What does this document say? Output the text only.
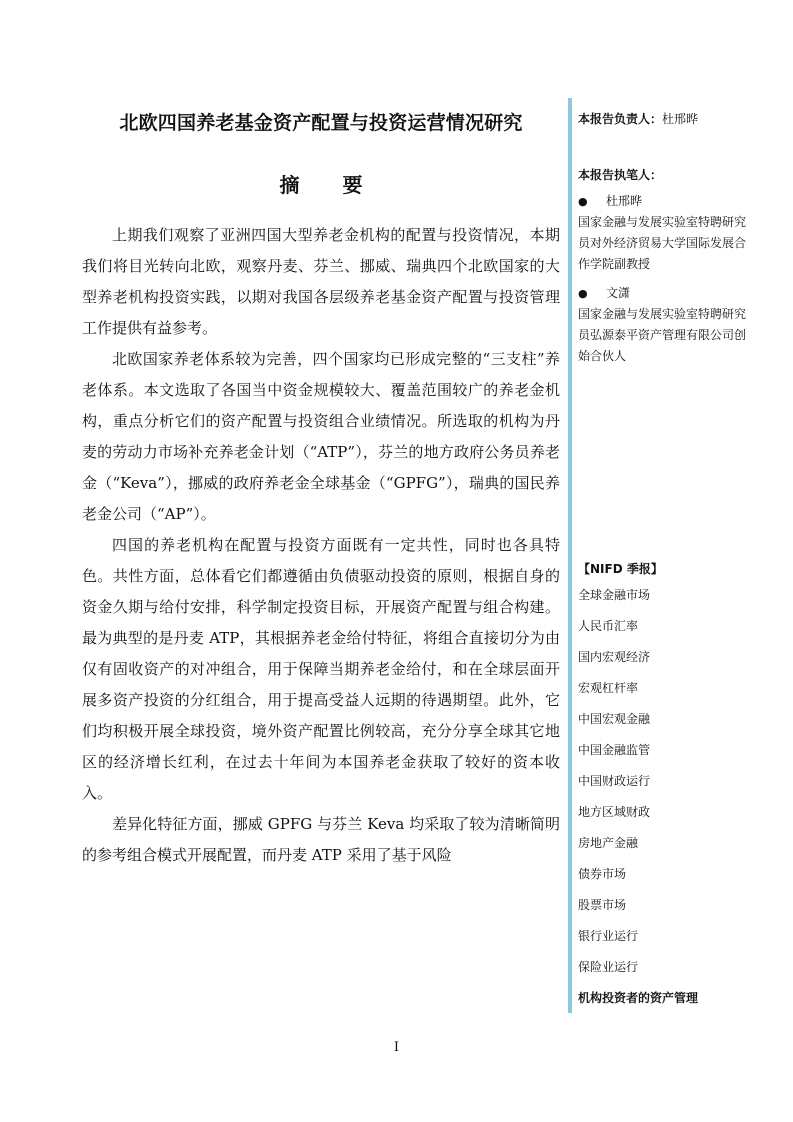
北欧四国养老基金资产配置与投资运营情况研究
摘 要

上期我们观察了亚洲四国大型养老金机构的配置与投资情况，本期我们将目光转向北欧，观察丹麦、芬兰、挪威、瑞典四个北欧国家的大型养老机构投资实践，以期对我国各层级养老基金资产配置与投资管理工作提供有益参考。

北欧国家养老体系较为完善，四个国家均已形成完整的“三支柱”养老体系。本文选取了各国当中资金规模较大、覆盖范围较广的养老金机构，重点分析它们的资产配置与投资组合业绩情况。所选取的机构为丹麦的劳动力市场补充养老金计划（“ATP”），芬兰的地方政府公务员养老金（“Keva”），挪威的政府养老金全球基金（“GPFG”），瑞典的国民养老金公司（“AP”）。

四国的养老机构在配置与投资方面既有一定共性，同时也各具特色。共性方面，总体看它们都遵循由负债驱动投资的原则，根据自身的资金久期与给付安排，科学制定投资目标，开展资产配置与组合构建。最为典型的是丹麦 ATP，其根据养老金给付特征，将组合直接切分为由仅有固收资产的对冲组合，用于保障当期养老金给付，和在全球层面开展多资产投资的分红组合，用于提高受益人远期的待遇期望。此外，它们均积极开展全球投资，境外资产配置比例较高，充分分享全球其它地区的经济增长红利，在过去十年间为本国养老金获取了较好的资本收入。

差异化特征方面，挪威 GPFG 与芬兰 Keva 均采取了较为清晰简明的参考组合模式开展配置，而丹麦 ATP 采用了基于风险

本报告负责人：杜邢晔
本报告执笔人：
●	杜邢晔
国家金融与发展实验室特聘研究员对外经济贸易大学国际发展合作学院副教授
●	文潇
国家金融与发展实验室特聘研究员弘源泰平资产管理有限公司创始合伙人
【NIFD 季报】
全球金融市场
人民币汇率
国内宏观经济
宏观杠杆率
中国宏观金融
中国金融监管
中国财政运行
地方区域财政
房地产金融
债券市场
股票市场
银行业运行
保险业运行
机构投资者的资产管理
I
